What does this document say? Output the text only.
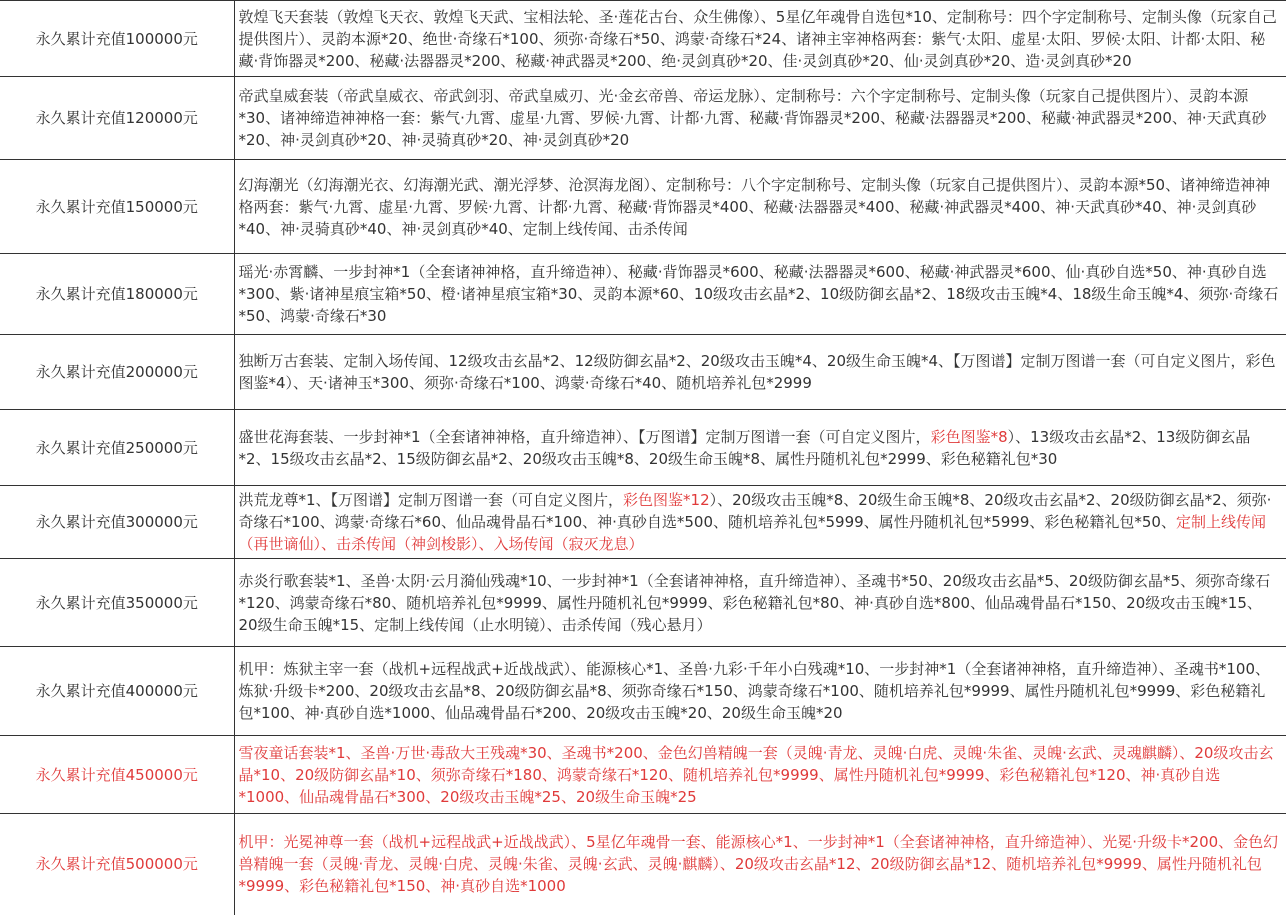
永久累计充值100000元	敦煌飞天套装（敦煌飞天衣、敦煌飞天武、宝相法轮、圣·莲花古台、众生佛像）、5星亿年魂骨自选包*10、定制称号：四个字定制称号、定制头像（玩家自己提供图片）、灵韵本源*20、绝世·奇缘石*100、须弥·奇缘石*50、鸿蒙·奇缘石*24、诸神主宰神格两套：紫气·太阳、虚星·太阳、罗候·太阳、计都·太阳、秘藏·背饰器灵*200、秘藏·法器器灵*200、秘藏·神武器灵*200、绝·灵剑真砂*20、佳·灵剑真砂*20、仙·灵剑真砂*20、造·灵剑真砂*20

永久累计充值120000元	帝武皇威套装（帝武皇威衣、帝武剑羽、帝武皇威刃、光·金玄帝兽、帝运龙脉）、定制称号：六个字定制称号、定制头像（玩家自己提供图片）、灵韵本源*30、诸神缔造神神格一套：紫气·九霄、虚星·九霄、罗候·九霄、计都·九霄、秘藏·背饰器灵*200、秘藏·法器器灵*200、秘藏·神武器灵*200、神·天武真砂*20、神·灵剑真砂*20、神·灵骑真砂*20、神·灵剑真砂*20

永久累计充值150000元	幻海潮光（幻海潮光衣、幻海潮光武、潮光浮梦、沧溟海龙阁）、定制称号：八个字定制称号、定制头像（玩家自己提供图片）、灵韵本源*50、诸神缔造神神格两套：紫气·九霄、虚星·九霄、罗候·九霄、计都·九霄、秘藏·背饰器灵*400、秘藏·法器器灵*400、秘藏·神武器灵*400、神·天武真砂*40、神·灵剑真砂*40、神·灵骑真砂*40、神·灵剑真砂*40、定制上线传闻、击杀传闻

永久累计充值180000元	瑶光·赤霄麟、一步封神*1（全套诸神神格，直升缔造神）、秘藏·背饰器灵*600、秘藏·法器器灵*600、秘藏·神武器灵*600、仙·真砂自选*50、神·真砂自选*300、紫·诸神星痕宝箱*50、橙·诸神星痕宝箱*30、灵韵本源*60、10级攻击玄晶*2、10级防御玄晶*2、18级攻击玉魄*4、18级生命玉魄*4、须弥·奇缘石*50、鸿蒙·奇缘石*30

永久累计充值200000元	独断万古套装、定制入场传闻、12级攻击玄晶*2、12级防御玄晶*2、20级攻击玉魄*4、20级生命玉魄*4、【万图谱】定制万图谱一套（可自定义图片，彩色图鉴*4）、天·诸神玉*300、须弥·奇缘石*100、鸿蒙·奇缘石*40、随机培养礼包*2999

永久累计充值250000元	盛世花海套装、一步封神*1（全套诸神神格，直升缔造神）、【万图谱】定制万图谱一套（可自定义图片，彩色图鉴*8）、13级攻击玄晶*2、13级防御玄晶*2、15级攻击玄晶*2、15级防御玄晶*2、20级攻击玉魄*8、20级生命玉魄*8、属性丹随机礼包*2999、彩色秘籍礼包*30

永久累计充值300000元	洪荒龙尊*1、【万图谱】定制万图谱一套（可自定义图片，彩色图鉴*12）、20级攻击玉魄*8、20级生命玉魄*8、20级攻击玄晶*2、20级防御玄晶*2、须弥·奇缘石*100、鸿蒙·奇缘石*60、仙品魂骨晶石*100、神·真砂自选*500、随机培养礼包*5999、属性丹随机礼包*5999、彩色秘籍礼包*50、定制上线传闻（再世谪仙）、击杀传闻（神剑梭影）、入场传闻（寂灭龙息）

永久累计充值350000元	赤炎行歌套装*1、圣兽·太阴·云月漪仙残魂*10、一步封神*1（全套诸神神格，直升缔造神）、圣魂书*50、20级攻击玄晶*5、20级防御玄晶*5、须弥奇缘石*120、鸿蒙奇缘石*80、随机培养礼包*9999、属性丹随机礼包*9999、彩色秘籍礼包*80、神·真砂自选*800、仙品魂骨晶石*150、20级攻击玉魄*15、20级生命玉魄*15、定制上线传闻（止水明镜）、击杀传闻（残心悬月）

永久累计充值400000元	机甲：炼狱主宰一套（战机+远程战武+近战战武）、能源核心*1、圣兽·九彩·千年小白残魂*10、一步封神*1（全套诸神神格，直升缔造神）、圣魂书*100、炼狱·升级卡*200、20级攻击玄晶*8、20级防御玄晶*8、须弥奇缘石*150、鸿蒙奇缘石*100、随机培养礼包*9999、属性丹随机礼包*9999、彩色秘籍礼包*100、神·真砂自选*1000、仙品魂骨晶石*200、20级攻击玉魄*20、20级生命玉魄*20

永久累计充值450000元	雪夜童话套装*1、圣兽·万世·毒敌大王残魂*30、圣魂书*200、金色幻兽精魄一套（灵魄·青龙、灵魄·白虎、灵魄·朱雀、灵魄·玄武、灵魂麒麟）、20级攻击玄晶*10、20级防御玄晶*10、须弥奇缘石*180、鸿蒙奇缘石*120、随机培养礼包*9999、属性丹随机礼包*9999、彩色秘籍礼包*120、神·真砂自选*1000、仙品魂骨晶石*300、20级攻击玉魄*25、20级生命玉魄*25

永久累计充值500000元	机甲：光冕神尊一套（战机+远程战武+近战战武）、5星亿年魂骨一套、能源核心*1、一步封神*1（全套诸神神格，直升缔造神）、光冕·升级卡*200、金色幻兽精魄一套（灵魄·青龙、灵魄·白虎、灵魄·朱雀、灵魄·玄武、灵魄·麒麟）、20级攻击玄晶*12、20级防御玄晶*12、随机培养礼包*9999、属性丹随机礼包*9999、彩色秘籍礼包*150、神·真砂自选*1000
